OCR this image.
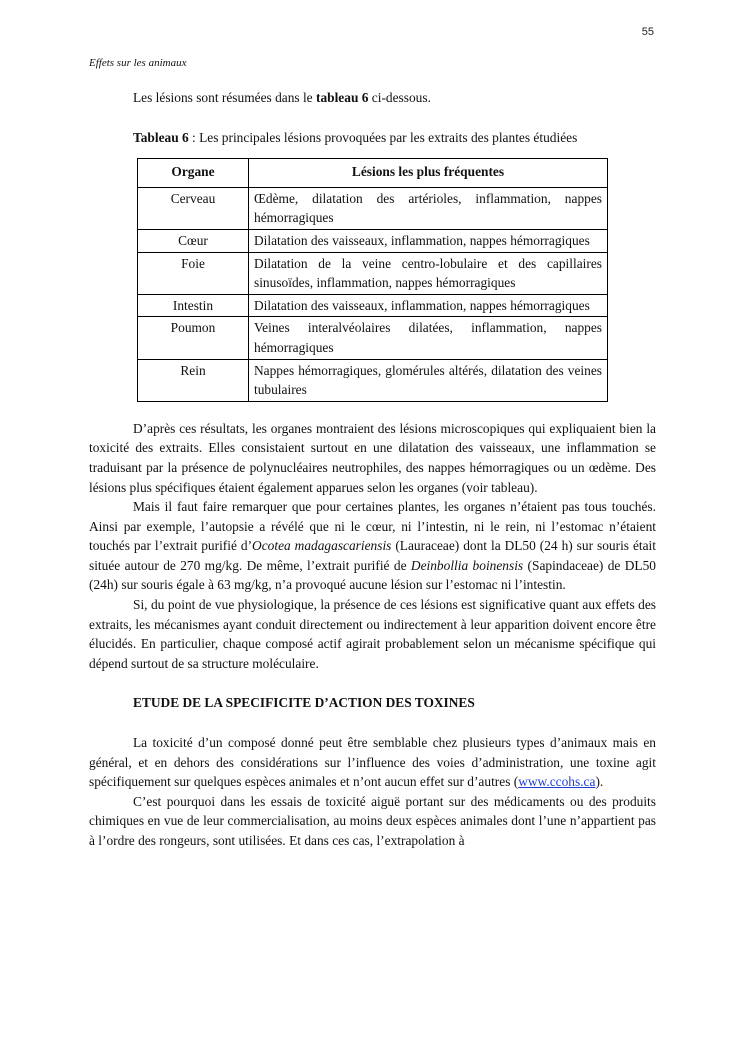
55
Effets sur les animaux

Les lésions sont résumées dans le tableau 6 ci-dessous.

Tableau 6 : Les principales lésions provoquées par les extraits des plantes étudiées

Organe	Lésions les plus fréquentes
Cerveau	Œdème, dilatation des artérioles, inflammation, nappes hémorragiques
Cœur	Dilatation des vaisseaux, inflammation, nappes hémorragiques
Foie	Dilatation de la veine centro-lobulaire et des capillaires sinusoïdes, inflammation, nappes hémorragiques
Intestin	Dilatation des vaisseaux, inflammation, nappes hémorragiques
Poumon	Veines interalvéolaires dilatées, inflammation, nappes hémorragiques
Rein	Nappes hémorragiques, glomérules altérés, dilatation des veines tubulaires

D’après ces résultats, les organes montraient des lésions microscopiques qui expliquaient bien la toxicité des extraits. Elles consistaient surtout en une dilatation des vaisseaux, une inflammation se traduisant par la présence de polynucléaires neutrophiles, des nappes hémorragiques ou un œdème. Des lésions plus spécifiques étaient également apparues selon les organes (voir tableau).

Mais il faut faire remarquer que pour certaines plantes, les organes n’étaient pas tous touchés. Ainsi par exemple, l’autopsie a révélé que ni le cœur, ni l’intestin, ni le rein, ni l’estomac n’étaient touchés par l’extrait purifié d’Ocotea madagascariensis (Lauraceae) dont la DL50 (24 h) sur souris était située autour de 270 mg/kg. De même, l’extrait purifié de Deinbollia boinensis (Sapindaceae) de DL50 (24h) sur souris égale à 63 mg/kg, n’a provoqué aucune lésion sur l’estomac ni l’intestin.

Si, du point de vue physiologique, la présence de ces lésions est significative quant aux effets des extraits, les mécanismes ayant conduit directement ou indirectement à leur apparition doivent encore être élucidés. En particulier, chaque composé actif agirait probablement selon un mécanisme spécifique qui dépend surtout de sa structure moléculaire.

ETUDE DE LA SPECIFICITE D’ACTION DES TOXINES

La toxicité d’un composé donné peut être semblable chez plusieurs types d’animaux mais en général, et en dehors des considérations sur l’influence des voies d’administration, une toxine agit spécifiquement sur quelques espèces animales et n’ont aucun effet sur d’autres (www.ccohs.ca).

C’est pourquoi dans les essais de toxicité aiguë portant sur des médicaments ou des produits chimiques en vue de leur commercialisation, au moins deux espèces animales dont l’une n’appartient pas à l’ordre des rongeurs, sont utilisées. Et dans ces cas, l’extrapolation à
